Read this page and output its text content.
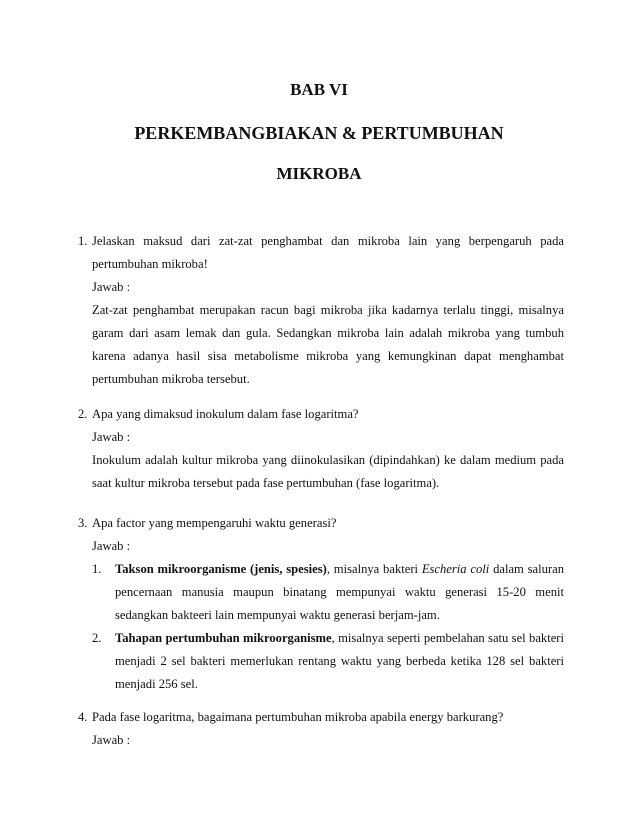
BAB VI
PERKEMBANGBIAKAN & PERTUMBUHAN
MIKROBA
1. Jelaskan maksud dari zat-zat penghambat dan mikroba lain yang berpengaruh pada pertumbuhan mikroba!

Jawab :

Zat-zat penghambat merupakan racun bagi mikroba jika kadarnya terlalu tinggi, misalnya garam dari asam lemak dan gula. Sedangkan mikroba lain adalah mikroba yang tumbuh karena adanya hasil sisa metabolisme mikroba yang kemungkinan dapat menghambat pertumbuhan mikroba tersebut.

2. Apa yang dimaksud inokulum dalam fase logaritma?

Jawab :

Inokulum adalah kultur mikroba yang diinokulasikan (dipindahkan) ke dalam medium pada saat kultur mikroba tersebut pada fase pertumbuhan (fase logaritma).

3. Apa factor yang mempengaruhi waktu generasi?

Jawab :

1. Takson mikroorganisme (jenis, spesies), misalnya bakteri Escheria coli dalam saluran pencernaan manusia maupun binatang mempunyai waktu generasi 15-20 menit sedangkan bakteeri lain mempunyai waktu generasi berjam-jam.

2. Tahapan pertumbuhan mikroorganisme, misalnya seperti pembelahan satu sel bakteri menjadi 2 sel bakteri memerlukan rentang waktu yang berbeda ketika 128 sel bakteri menjadi 256 sel.

4. Pada fase logaritma, bagaimana pertumbuhan mikroba apabila energy barkurang?

Jawab :
